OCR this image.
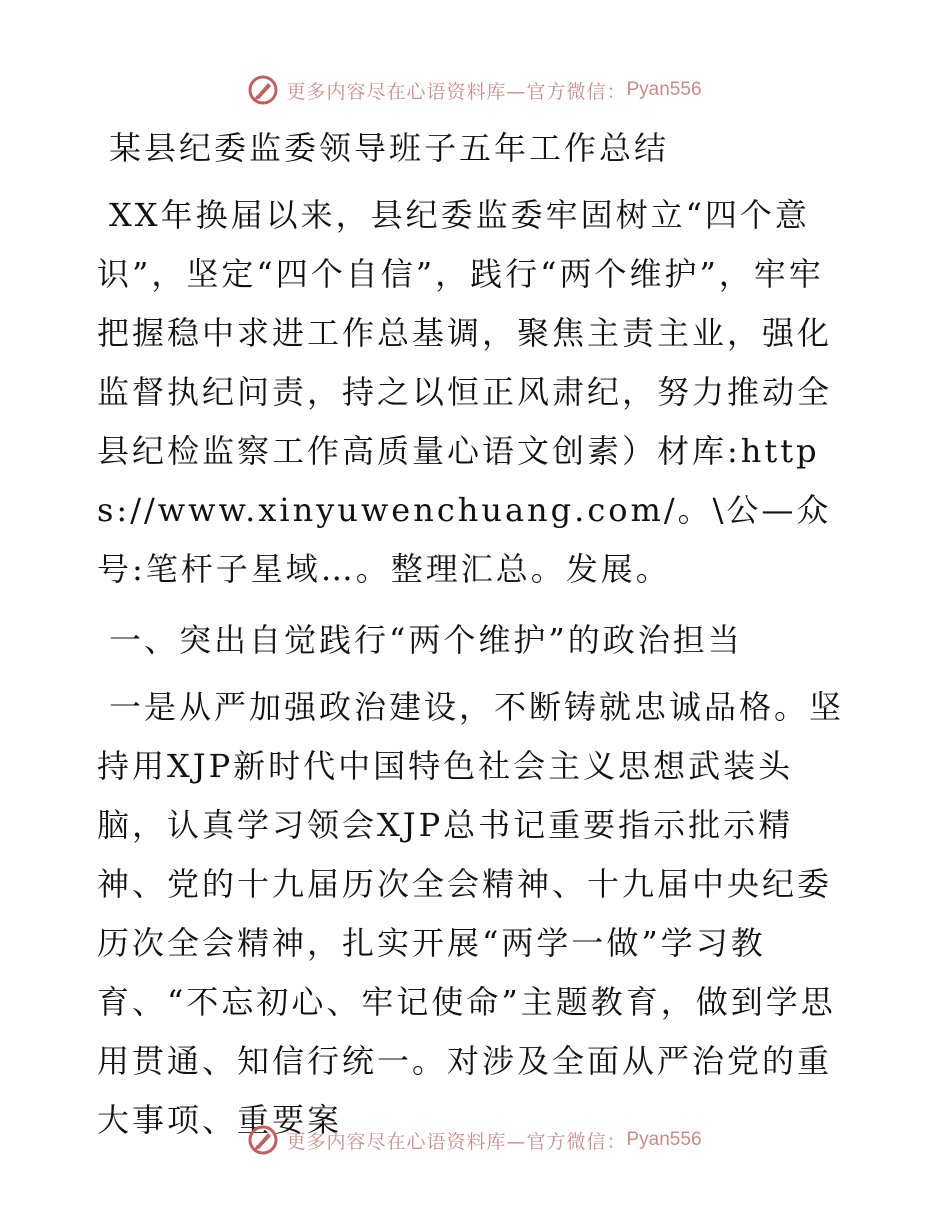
更多内容尽在心语资料库—官方微信： Pyan556
某县纪委监委领导班子五年工作总结

XX年换届以来，县纪委监委牢固树立“四个意识”，坚定“四个自信”，践行“两个维护”，牢牢把握稳中求进工作总基调，聚焦主责主业，强化监督执纪问责，持之以恒正风肃纪，努力推动全县纪检监察工作高质量心语文创素）材库:https://www.xinyuwenchuang.com/。\公—众号:笔杆子星域…。整理汇总。发展。

一、突出自觉践行“两个维护”的政治担当

一是从严加强政治建设，不断铸就忠诚品格。坚持用XJP新时代中国特色社会主义思想武装头脑，认真学习领会XJP总书记重要指示批示精神、党的十九届历次全会精神、十九届中央纪委历次全会精神，扎实开展“两学一做”学习教育、“不忘初心、牢记使命”主题教育，做到学思用贯通、知信行统一。对涉及全面从严治党的重大事项、重要案

更多内容尽在心语资料库—官方微信： Pyan556
